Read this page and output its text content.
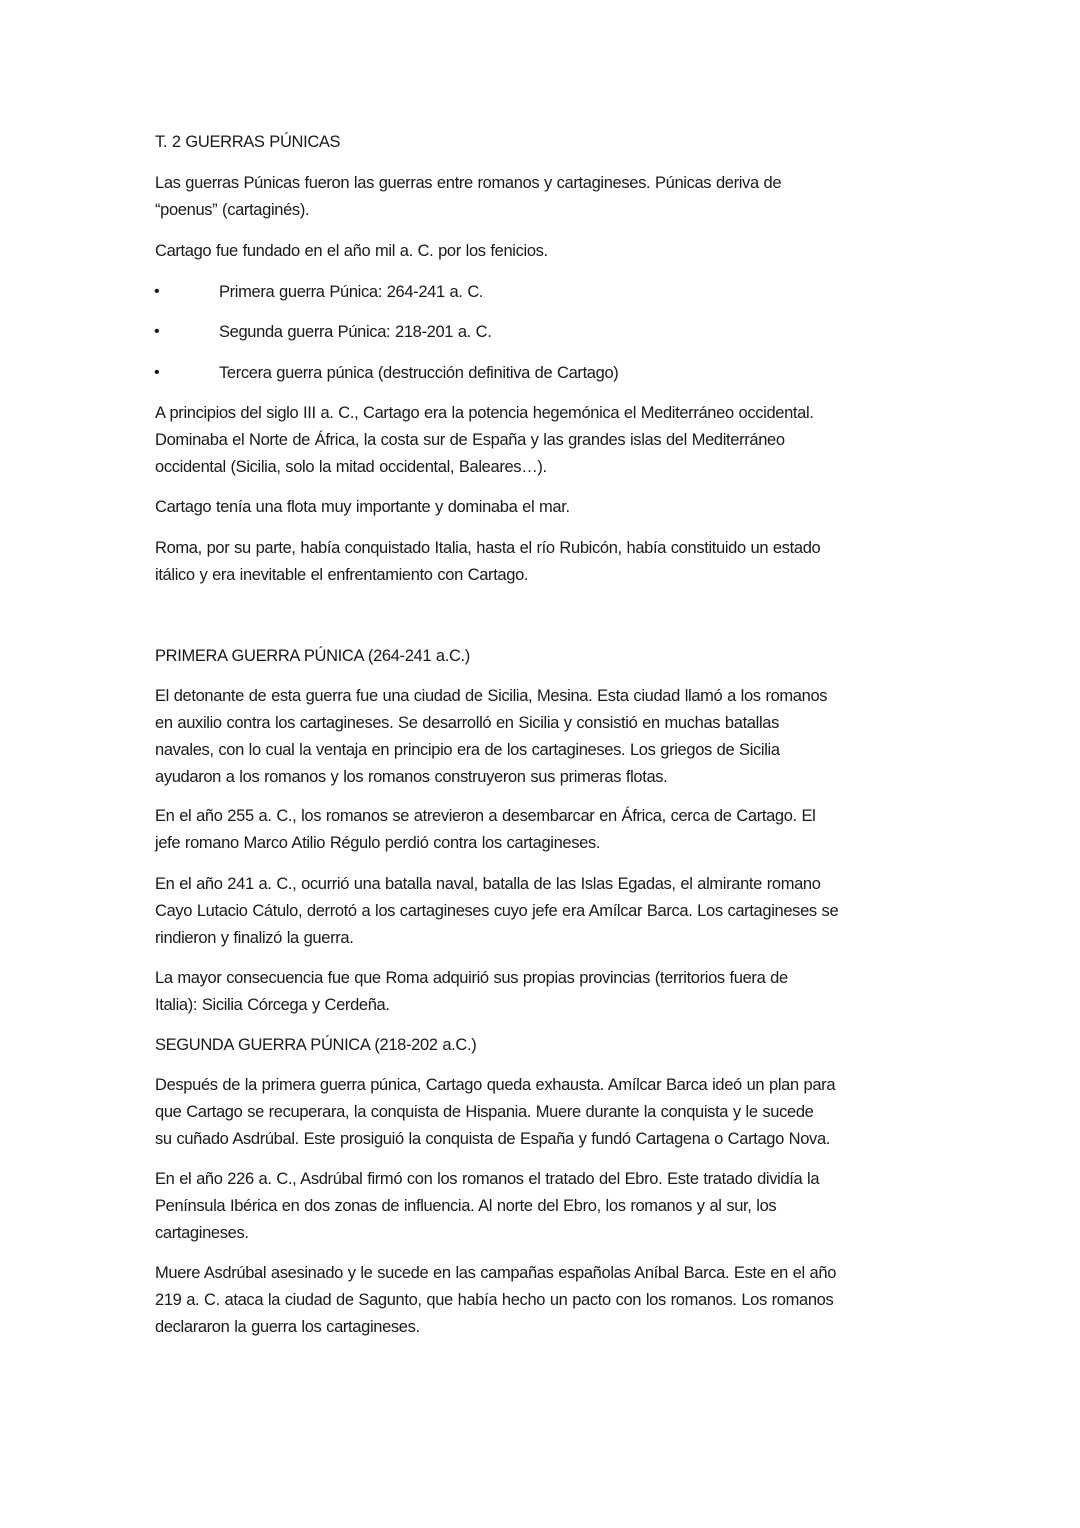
T. 2 GUERRAS PÚNICAS
Las guerras Púnicas fueron las guerras entre romanos y cartagineses. Púnicas deriva de
“poenus” (cartaginés).
Cartago fue fundado en el año mil a. C. por los fenicios.
•	Primera guerra Púnica: 264-241 a. C.
•	Segunda guerra Púnica: 218-201 a. C.
•	Tercera guerra púnica (destrucción definitiva de Cartago)
A principios del siglo III a. C., Cartago era la potencia hegemónica el Mediterráneo occidental.
Dominaba el Norte de África, la costa sur de España y las grandes islas del Mediterráneo
occidental (Sicilia, solo la mitad occidental, Baleares…).
Cartago tenía una flota muy importante y dominaba el mar.
Roma, por su parte, había conquistado Italia, hasta el río Rubicón, había constituido un estado
itálico y era inevitable el enfrentamiento con Cartago.
PRIMERA GUERRA PÚNICA (264-241 a.C.)
El detonante de esta guerra fue una ciudad de Sicilia, Mesina. Esta ciudad llamó a los romanos
en auxilio contra los cartagineses. Se desarrolló en Sicilia y consistió en muchas batallas
navales, con lo cual la ventaja en principio era de los cartagineses. Los griegos de Sicilia
ayudaron a los romanos y los romanos construyeron sus primeras flotas.
En el año 255 a. C., los romanos se atrevieron a desembarcar en África, cerca de Cartago. El
jefe romano Marco Atilio Régulo perdió contra los cartagineses.
En el año 241 a. C., ocurrió una batalla naval, batalla de las Islas Egadas, el almirante romano
Cayo Lutacio Cátulo, derrotó a los cartagineses cuyo jefe era Amílcar Barca. Los cartagineses se
rindieron y finalizó la guerra.
La mayor consecuencia fue que Roma adquirió sus propias provincias (territorios fuera de
Italia): Sicilia Córcega y Cerdeña.
SEGUNDA GUERRA PÚNICA (218-202 a.C.)
Después de la primera guerra púnica, Cartago queda exhausta. Amílcar Barca ideó un plan para
que Cartago se recuperara, la conquista de Hispania. Muere durante la conquista y le sucede
su cuñado Asdrúbal. Este prosiguió la conquista de España y fundó Cartagena o Cartago Nova.
En el año 226 a. C., Asdrúbal firmó con los romanos el tratado del Ebro. Este tratado dividía la
Península Ibérica en dos zonas de influencia. Al norte del Ebro, los romanos y al sur, los
cartagineses.
Muere Asdrúbal asesinado y le sucede en las campañas españolas Aníbal Barca. Este en el año
219 a. C. ataca la ciudad de Sagunto, que había hecho un pacto con los romanos. Los romanos
declararon la guerra los cartagineses.
